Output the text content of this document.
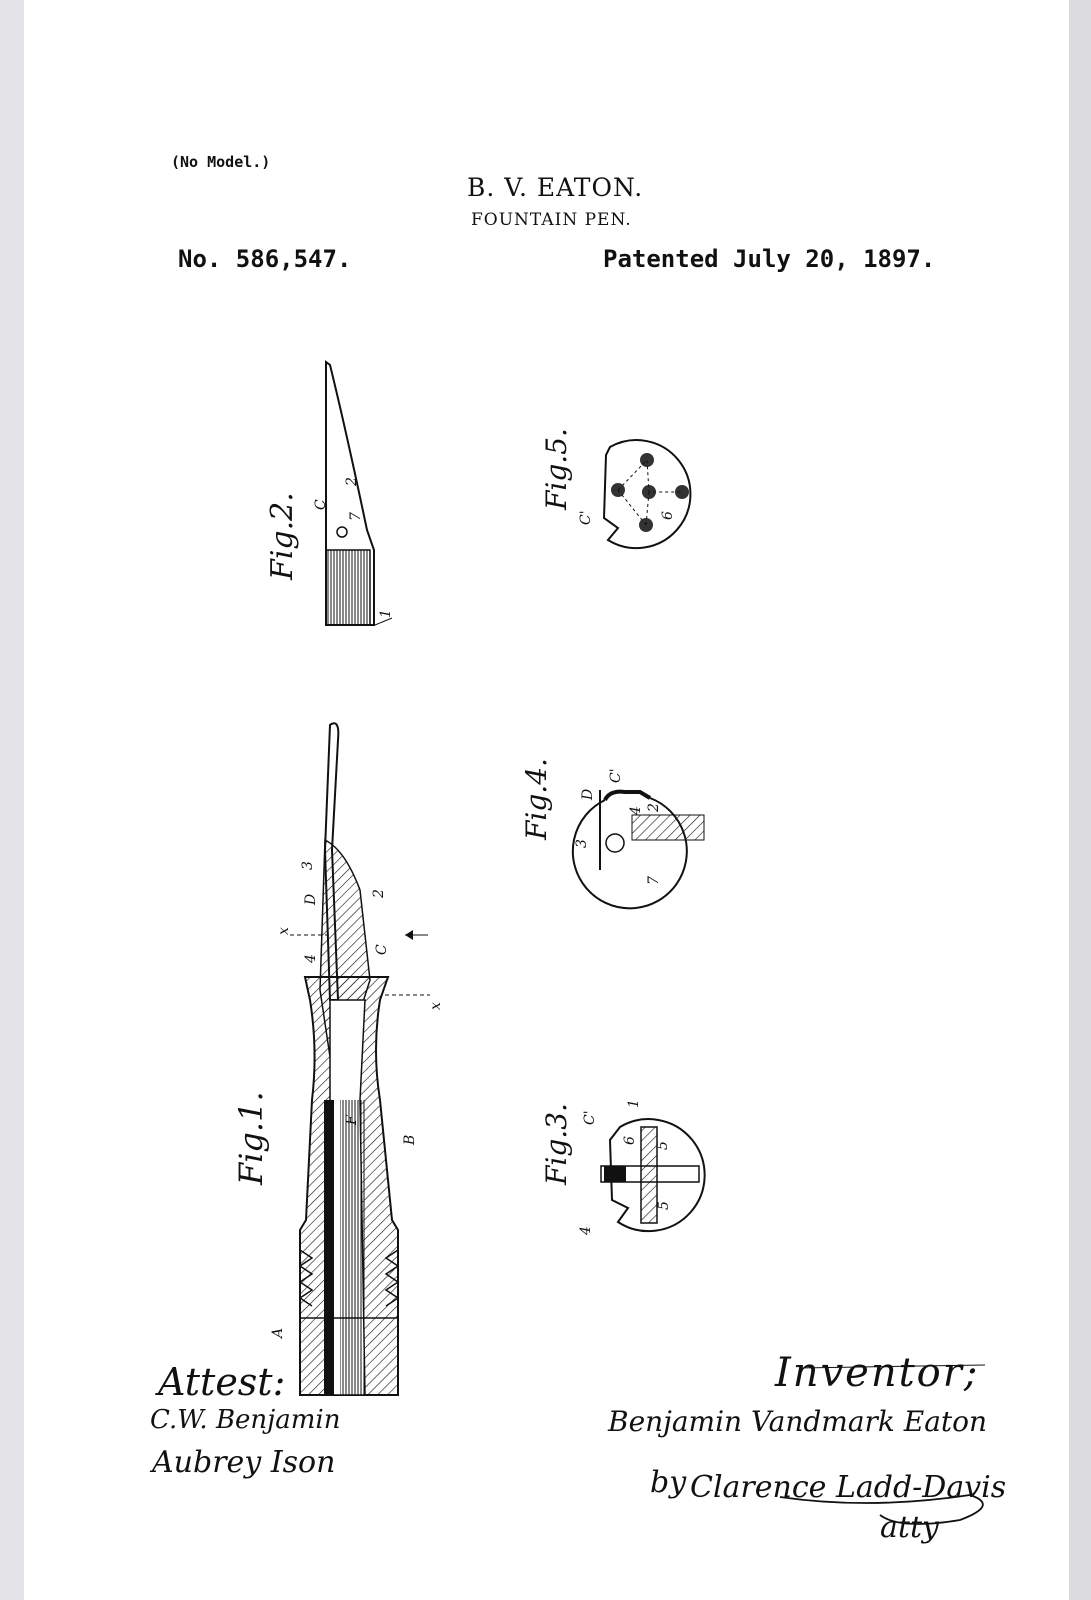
(No Model.)
B. V. EATON.
FOUNTAIN PEN.
No. 586,547.	Patented July 20, 1897.
Fig.2. C
7
2
1
Fig.1.
x
x
D
3
2
4
C
F
B
A
Fig.5.
C'	6
Fig.4. D
C'
4 2
3
7
Fig.3. C'
1
6
5
5
4
Attest:
C.W. Benjamin
Aubrey Ison
Inventor;
Benjamin Vandmark Eaton
by Clarence Ladd-Davis
atty
